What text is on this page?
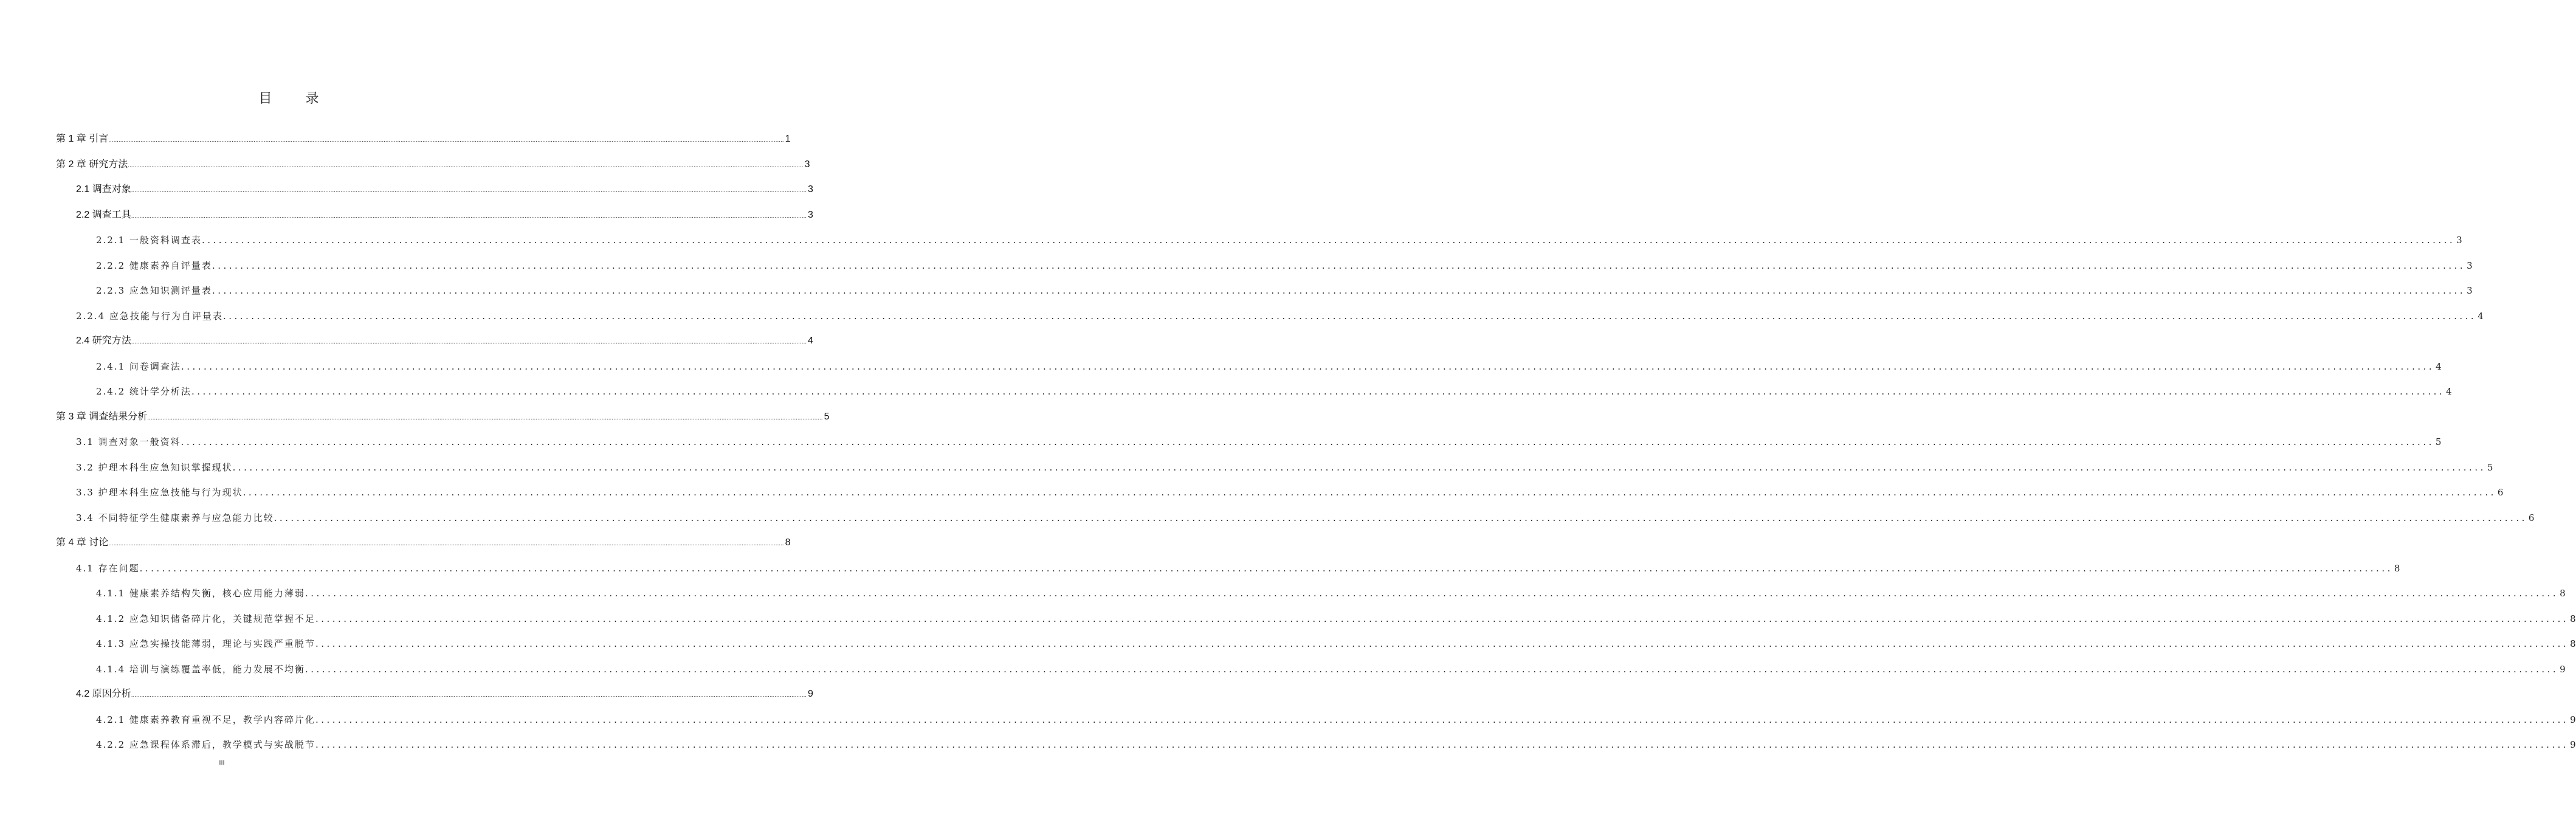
目 录
第 1 章 引言 ................................................................................................................................................................................................................................................................................................................................................................................................................ 1
第 2 章 研究方法 ................................................................................................................................................................................................................................................................................................................................................................................................................ 3
2.1 调查对象 ................................................................................................................................................................................................................................................................................................................................................................................................................ 3
2.2 调查工具 ................................................................................................................................................................................................................................................................................................................................................................................................................ 3
2.2.1 一般资料调查表 ................................................................................................................................................................................................................................................................................................................................................................................................................ 3
2.2.2 健康素养自评量表 ................................................................................................................................................................................................................................................................................................................................................................................................................ 3
2.2.3 应急知识测评量表 ................................................................................................................................................................................................................................................................................................................................................................................................................ 3
2.2.4 应急技能与行为自评量表 ................................................................................................................................................................................................................................................................................................................................................................................................................ 4
2.4 研究方法 ................................................................................................................................................................................................................................................................................................................................................................................................................ 4
2.4.1 问卷调查法 ................................................................................................................................................................................................................................................................................................................................................................................................................ 4
2.4.2 统计学分析法 ................................................................................................................................................................................................................................................................................................................................................................................................................ 4
第 3 章 调查结果分析 ................................................................................................................................................................................................................................................................................................................................................................................................................ 5
3.1 调查对象一般资料 ................................................................................................................................................................................................................................................................................................................................................................................................................ 5
3.2 护理本科生应急知识掌握现状 ................................................................................................................................................................................................................................................................................................................................................................................................................ 5
3.3 护理本科生应急技能与行为现状 ................................................................................................................................................................................................................................................................................................................................................................................................................ 6
3.4 不同特征学生健康素养与应急能力比较 ................................................................................................................................................................................................................................................................................................................................................................................................................ 6
第 4 章 讨论 ................................................................................................................................................................................................................................................................................................................................................................................................................ 8
4.1 存在问题 ................................................................................................................................................................................................................................................................................................................................................................................................................ 8
4.1.1 健康素养结构失衡，核心应用能力薄弱 ................................................................................................................................................................................................................................................................................................................................................................................................................ 8
4.1.2 应急知识储备碎片化，关键规范掌握不足 ................................................................................................................................................................................................................................................................................................................................................................................................................ 8
4.1.3 应急实操技能薄弱，理论与实践严重脱节 ................................................................................................................................................................................................................................................................................................................................................................................................................ 8
4.1.4 培训与演练覆盖率低，能力发展不均衡 ................................................................................................................................................................................................................................................................................................................................................................................................................ 9
4.2 原因分析 ................................................................................................................................................................................................................................................................................................................................................................................................................ 9
4.2.1 健康素养教育重视不足，教学内容碎片化 ................................................................................................................................................................................................................................................................................................................................................................................................................ 9
4.2.2 应急课程体系滞后，教学模式与实战脱节 ................................................................................................................................................................................................................................................................................................................................................................................................................ 9
III
